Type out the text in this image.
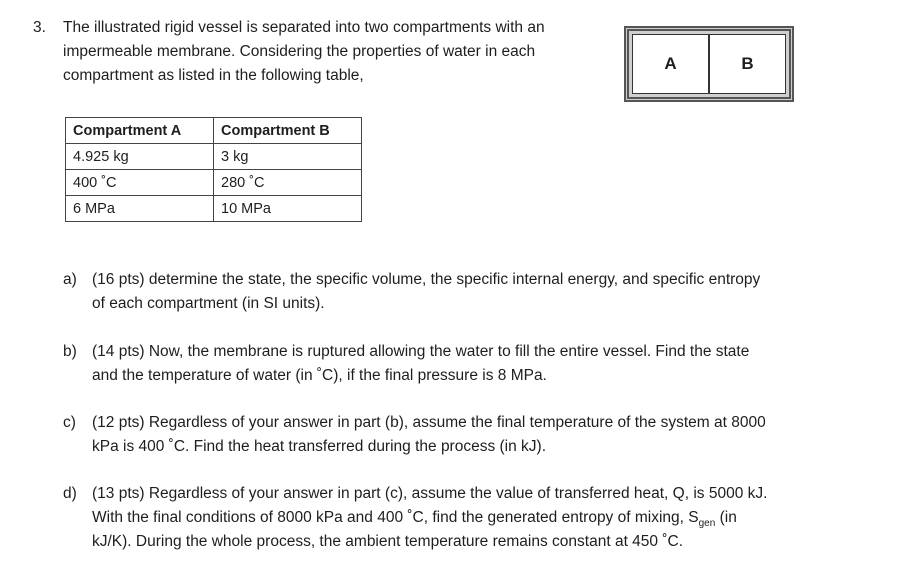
3. The illustrated rigid vessel is separated into two compartments with an
impermeable membrane. Considering the properties of water in each
compartment as listed in the following table,
A	B
Compartment A	Compartment B
4.925 kg	3 kg
400 ˚C	280 ˚C
6 MPa	10 MPa
a) (16 pts) determine the state, the specific volume, the specific internal energy, and specific entropy
of each compartment (in SI units).
b) (14 pts) Now, the membrane is ruptured allowing the water to fill the entire vessel. Find the state
and the temperature of water (in ˚C), if the final pressure is 8 MPa.
c) (12 pts) Regardless of your answer in part (b), assume the final temperature of the system at 8000
kPa is 400 ˚C. Find the heat transferred during the process (in kJ).
d) (13 pts) Regardless of your answer in part (c), assume the value of transferred heat, Q, is 5000 kJ.
With the final conditions of 8000 kPa and 400 ˚C, find the generated entropy of mixing, $S_{gen}$ (in
kJ/K). During the whole process, the ambient temperature remains constant at 450 ˚C.
